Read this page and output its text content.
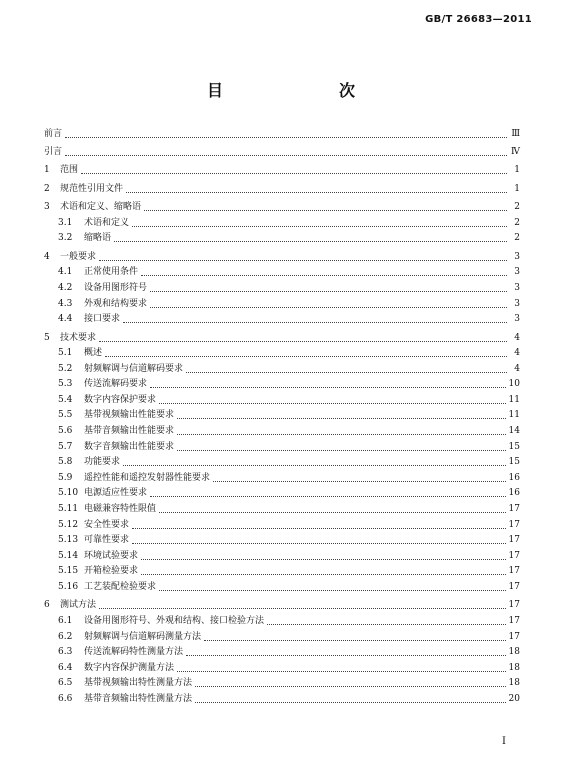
GB/T 26683—2011
目　　次
前言	Ⅲ
引言	Ⅳ
1	范围	1
2	规范性引用文件	1
3	术语和定义、缩略语	2
3.1	术语和定义	2
3.2	缩略语	2
4	一般要求	3
4.1	正常使用条件	3
4.2	设备用图形符号	3
4.3	外观和结构要求	3
4.4	接口要求	3
5	技术要求	4
5.1	概述	4
5.2	射频解调与信道解码要求	4
5.3	传送流解码要求	10
5.4	数字内容保护要求	11
5.5	基带视频输出性能要求	11
5.6	基带音频输出性能要求	14
5.7	数字音频输出性能要求	15
5.8	功能要求	15
5.9	遥控性能和遥控发射器性能要求	16
5.10 电源适应性要求	16
5.11 电磁兼容特性限值	17
5.12 安全性要求	17
5.13 可靠性要求	17
5.14 环境试验要求	17
5.15 开箱检验要求	17
5.16 工艺装配检验要求	17
6	测试方法	17
6.1	设备用图形符号、外观和结构、接口检验方法	17
6.2	射频解调与信道解码测量方法	17
6.3	传送流解码特性测量方法	18
6.4	数字内容保护测量方法	18
6.5	基带视频输出特性测量方法	18
6.6	基带音频输出特性测量方法	20
Ⅰ
